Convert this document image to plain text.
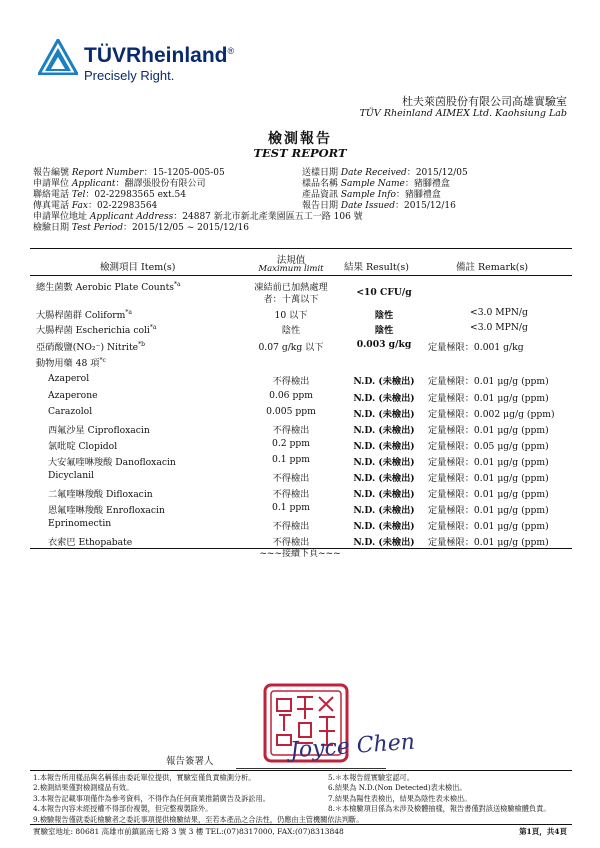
TÜVRheinland®
Precisely Right.
杜夫萊茵股份有限公司高雄實驗室
TÜV Rheinland AIMEX Ltd. Kaohsiung Lab
檢測報告
TEST REPORT
報告編號 Report Number：15-1205-005-05
申請單位 Applicant：翻譯張股份有限公司
聯絡電話 Tel：02-22983565 ext.54
傳真電話 Fax：02-22983564
申請單位地址 Applicant Address：24887 新北市新北產業園區五工一路 106 號
檢驗日期 Test Period：2015/12/05 ~ 2015/12/16
送樣日期 Date Received：2015/12/05
樣品名稱 Sample Name：豬腳禮盒
產品資訊 Sample Info：豬腳禮盒
報告日期 Date Issued：2015/12/16
檢測項目 Item(s)
法規值
Maximum limit	結果 Result(s)	備註 Remark(s)
總生菌數 Aerobic Plate Counts$^{*a}$	凍結前已加熱處理	<10 CFU/g
者：十萬以下
大腸桿菌群 Coliform$^{*a}$	10 以下	陰性	<3.0 MPN/g
大腸桿菌 Escherichia coli$^{*a}$	陰性	陰性	<3.0 MPN/g
亞硝酸鹽(NO₂⁻) Nitrite$^{*b}$	0.07 g/kg 以下	0.003 g/kg	定量極限：0.001 g/kg
動物用藥 48 項$^{*c}$
Azaperol	不得檢出	N.D. (未檢出)	定量極限：0.01 μg/g (ppm)
Azaperone	0.06 ppm	N.D. (未檢出)	定量極限：0.01 μg/g (ppm)
Carazolol	0.005 ppm	N.D. (未檢出)	定量極限：0.002 μg/g (ppm)
西氟沙星 Ciprofloxacin	不得檢出	N.D. (未檢出)	定量極限：0.01 μg/g (ppm)
氯吡啶 Clopidol	0.2 ppm	N.D. (未檢出)	定量極限：0.05 μg/g (ppm)
大安氟喹啉羧酸 Danofloxacin	0.1 ppm	N.D. (未檢出)	定量極限：0.01 μg/g (ppm)
Dicyclanil	不得檢出	N.D. (未檢出)	定量極限：0.01 μg/g (ppm)
二氟喹啉羧酸 Difloxacin	不得檢出	N.D. (未檢出)	定量極限：0.01 μg/g (ppm)
恩氟喹啉羧酸 Enrofloxacin	0.1 ppm	N.D. (未檢出)	定量極限：0.01 μg/g (ppm)
Eprinomectin	不得檢出	N.D. (未檢出)	定量極限：0.01 μg/g (ppm)
衣索巴 Ethopabate	不得檢出	N.D. (未檢出)	定量極限：0.01 μg/g (ppm)
~~~接續下頁~~~
報告簽署人	Joyce Chen
1.本報告所用樣品與名稱係由委託單位提供，實驗室僅負責檢測分析。
2.檢測結果僅對檢測樣品有效。
3.本報告記載事項僅作為參考資料，不得作為任何商業推銷廣告及訴訟用。
4.本報告內容未經授權不得部份複製，但完整複製除外。
9.檢驗報告僅就委託檢驗者之委託事項提供檢驗結果，至若本產品之合法性，仍應由主管機關依法判斷。
5.＊本報告經實驗室認可。
6.結果為 N.D.(Non Detected)表未檢出。
7.結果為陽性表檢出，結果為陰性表未檢出。
8.＊本檢驗項目係為未涉及檢體抽樣，報告書僅對該送檢驗檢體負責。
實驗室地址: 80681 高雄市前鎮區南七路 3 號 3 樓 TEL:(07)8317000, FAX:(07)8313848	第1頁，共4頁
